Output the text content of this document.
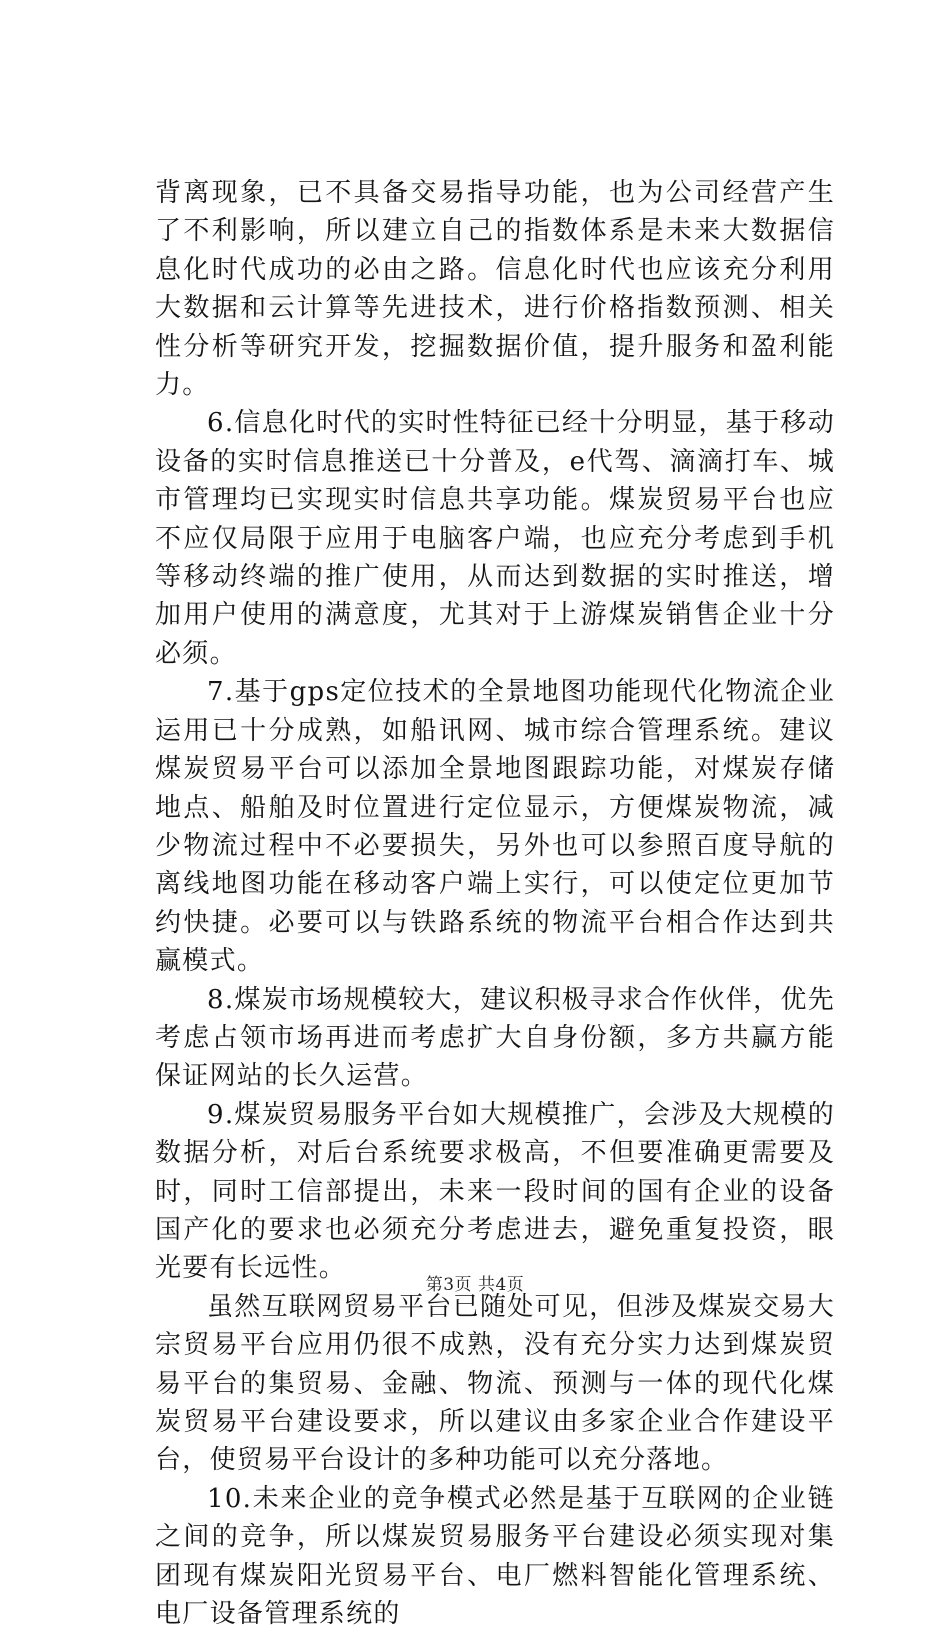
背离现象，已不具备交易指导功能，也为公司经营产生了不利影响，所以建立自己的指数体系是未来大数据信息化时代成功的必由之路。信息化时代也应该充分利用大数据和云计算等先进技术，进行价格指数预测、相关性分析等研究开发，挖掘数据价值，提升服务和盈利能力。

6.信息化时代的实时性特征已经十分明显，基于移动设备的实时信息推送已十分普及，e代驾、滴滴打车、城市管理均已实现实时信息共享功能。煤炭贸易平台也应不应仅局限于应用于电脑客户端，也应充分考虑到手机等移动终端的推广使用，从而达到数据的实时推送，增加用户使用的满意度，尤其对于上游煤炭销售企业十分必须。

7.基于gps定位技术的全景地图功能现代化物流企业运用已十分成熟，如船讯网、城市综合管理系统。建议煤炭贸易平台可以添加全景地图跟踪功能，对煤炭存储地点、船舶及时位置进行定位显示，方便煤炭物流，减少物流过程中不必要损失，另外也可以参照百度导航的离线地图功能在移动客户端上实行，可以使定位更加节约快捷。必要可以与铁路系统的物流平台相合作达到共赢模式。

8.煤炭市场规模较大，建议积极寻求合作伙伴，优先考虑占领市场再进而考虑扩大自身份额，多方共赢方能保证网站的长久运营。

9.煤炭贸易服务平台如大规模推广，会涉及大规模的数据分析，对后台系统要求极高，不但要准确更需要及时，同时工信部提出，未来一段时间的国有企业的设备国产化的要求也必须充分考虑进去，避免重复投资，眼光要有长远性。

虽然互联网贸易平台已随处可见，但涉及煤炭交易大宗贸易平台应用仍很不成熟，没有充分实力达到煤炭贸易平台的集贸易、金融、物流、预测与一体的现代化煤炭贸易平台建设要求，所以建议由多家企业合作建设平台，使贸易平台设计的多种功能可以充分落地。

10.未来企业的竞争模式必然是基于互联网的企业链之间的竞争，所以煤炭贸易服务平台建设必须实现对集团现有煤炭阳光贸易平台、电厂燃料智能化管理系统、电厂设备管理系统的

第3页 共4页
